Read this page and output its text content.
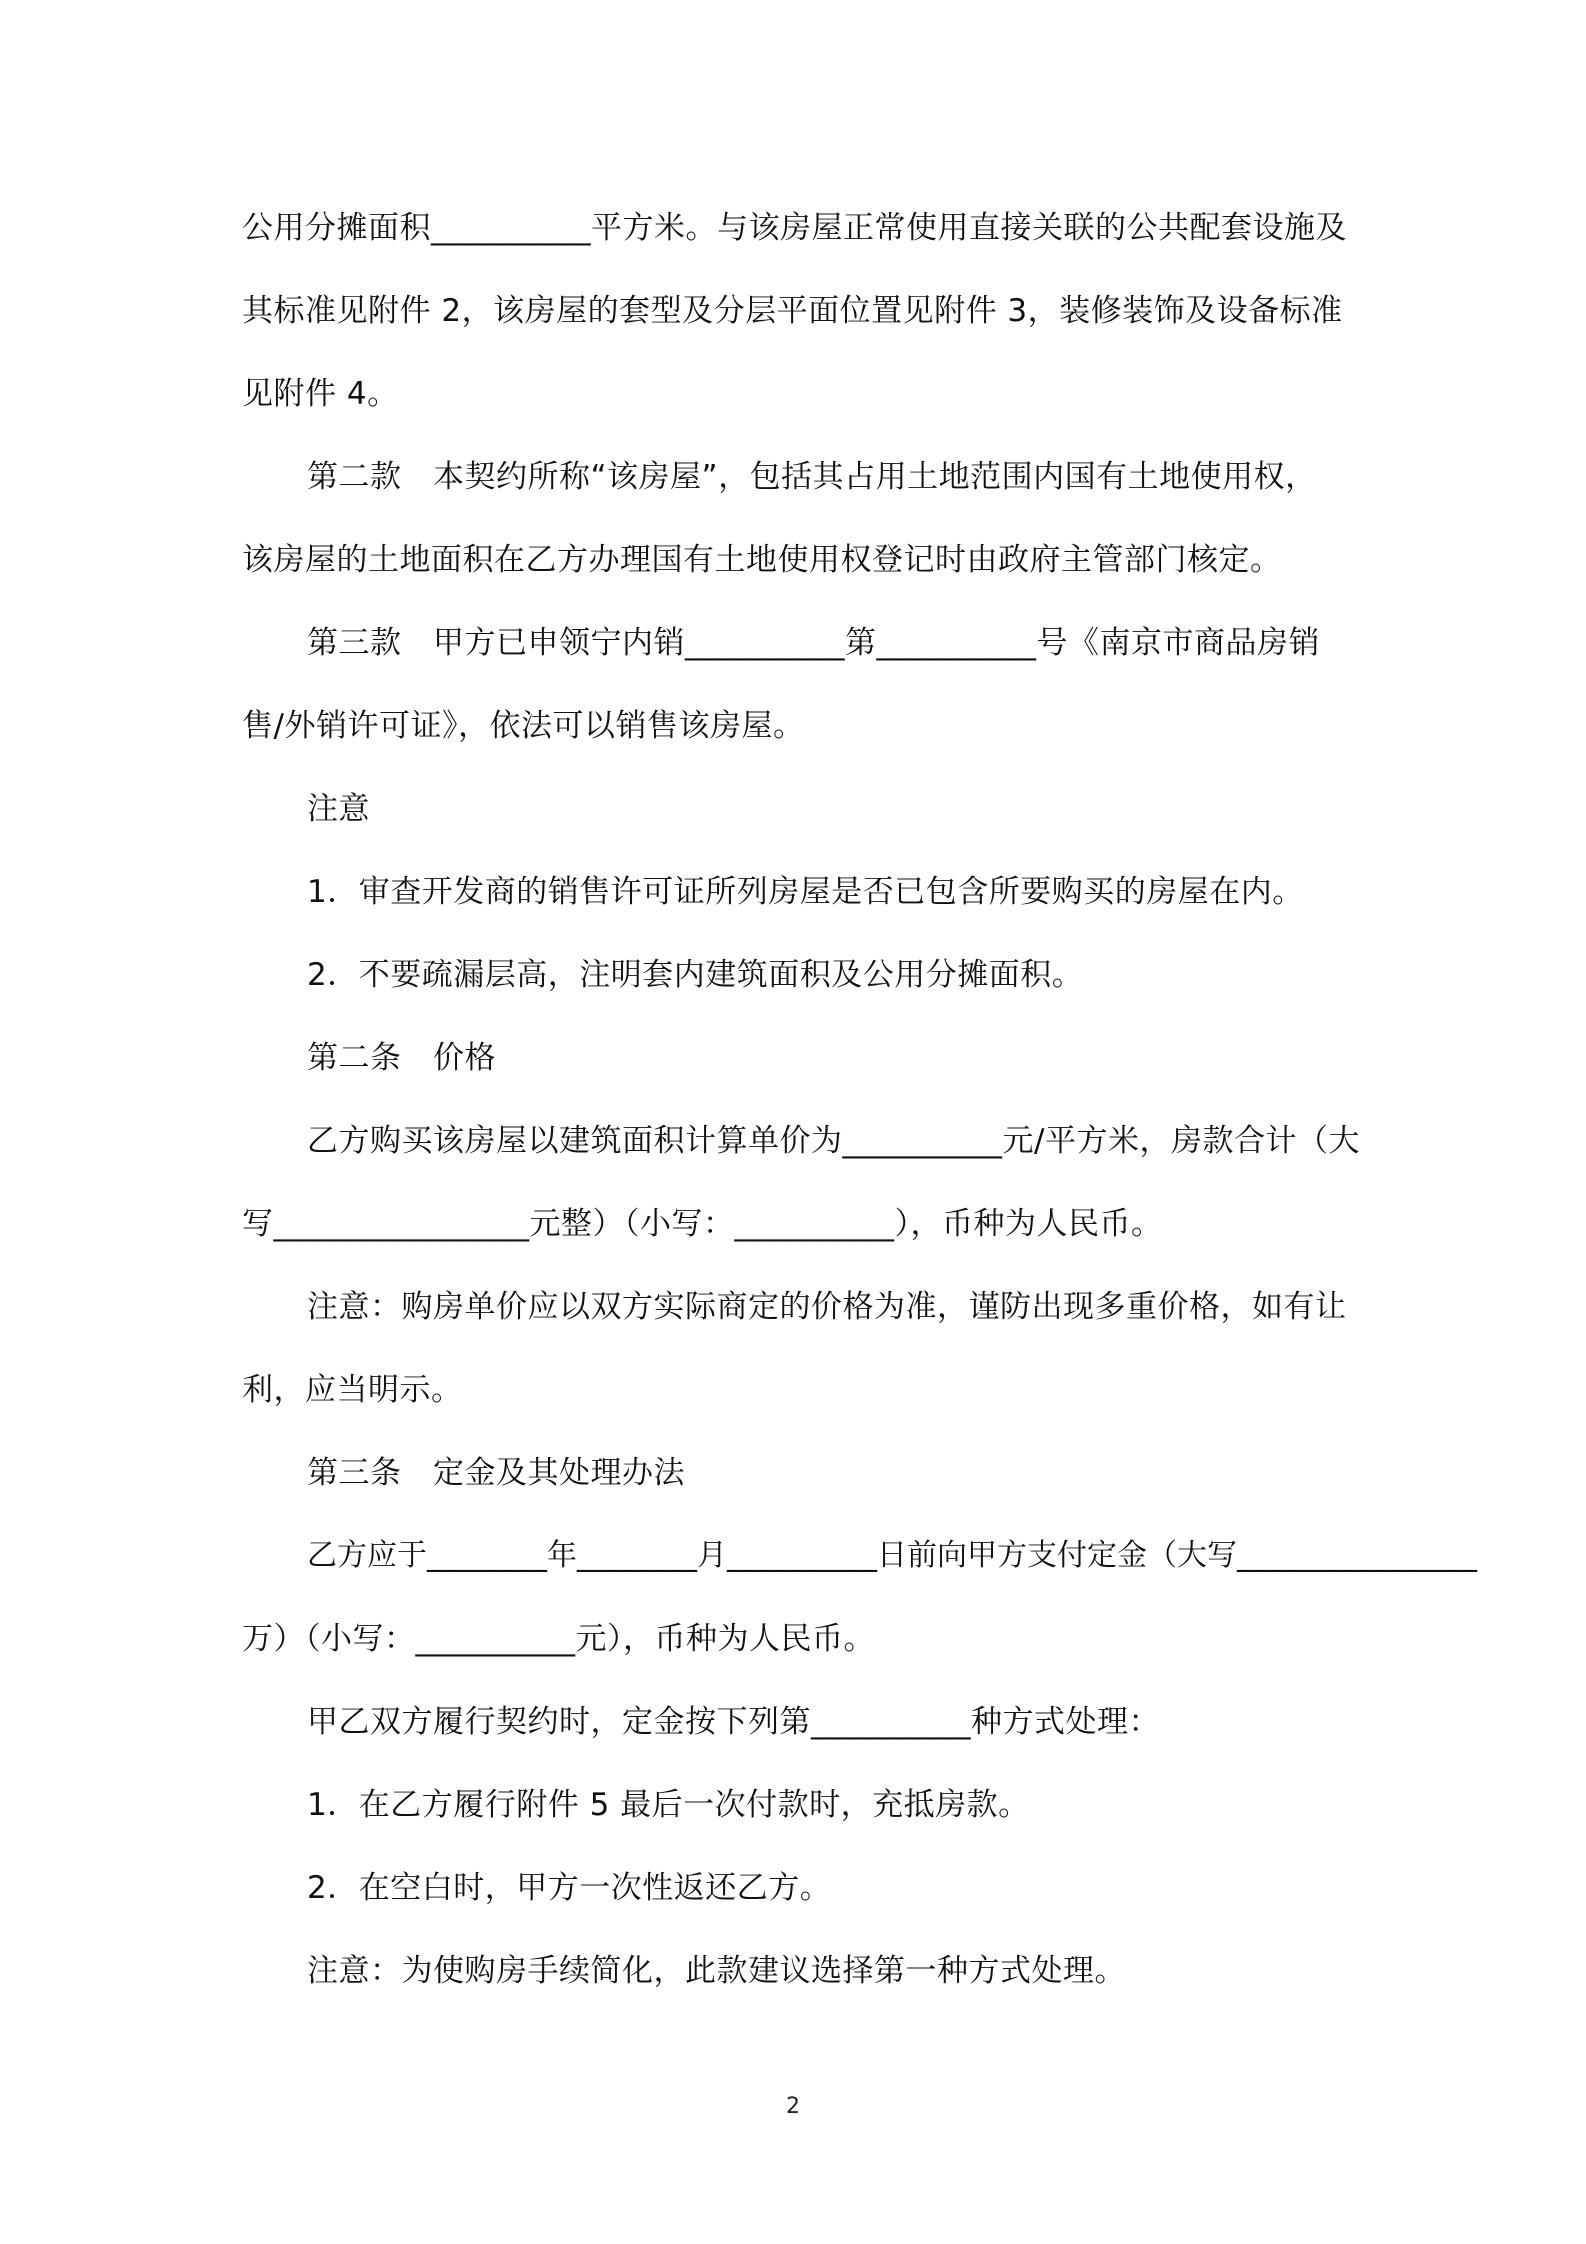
公用分摊面积__________平方米。与该房屋正常使用直接关联的公共配套设施及
其标准见附件 2，该房屋的套型及分层平面位置见附件 3，装修装饰及设备标准
见附件 4。
第二款　本契约所称“该房屋”，包括其占用土地范围内国有土地使用权，
该房屋的土地面积在乙方办理国有土地使用权登记时由政府主管部门核定。
第三款　甲方已申领宁内销__________第__________号《南京市商品房销
售/外销许可证》，依法可以销售该房屋。
注意
1．审查开发商的销售许可证所列房屋是否已包含所要购买的房屋在内。
2．不要疏漏层高，注明套内建筑面积及公用分摊面积。
第二条　价格
乙方购买该房屋以建筑面积计算单价为__________元/平方米，房款合计（大
写________________元整）（小写：__________），币种为人民币。
注意：购房单价应以双方实际商定的价格为准，谨防出现多重价格，如有让
利，应当明示。
第三条　定金及其处理办法
乙方应于________年________月__________日前向甲方支付定金（大写________________
万）（小写：__________元），币种为人民币。
甲乙双方履行契约时，定金按下列第__________种方式处理：
1．在乙方履行附件 5 最后一次付款时，充抵房款。
2．在空白时，甲方一次性返还乙方。
注意：为使购房手续简化，此款建议选择第一种方式处理。
2
